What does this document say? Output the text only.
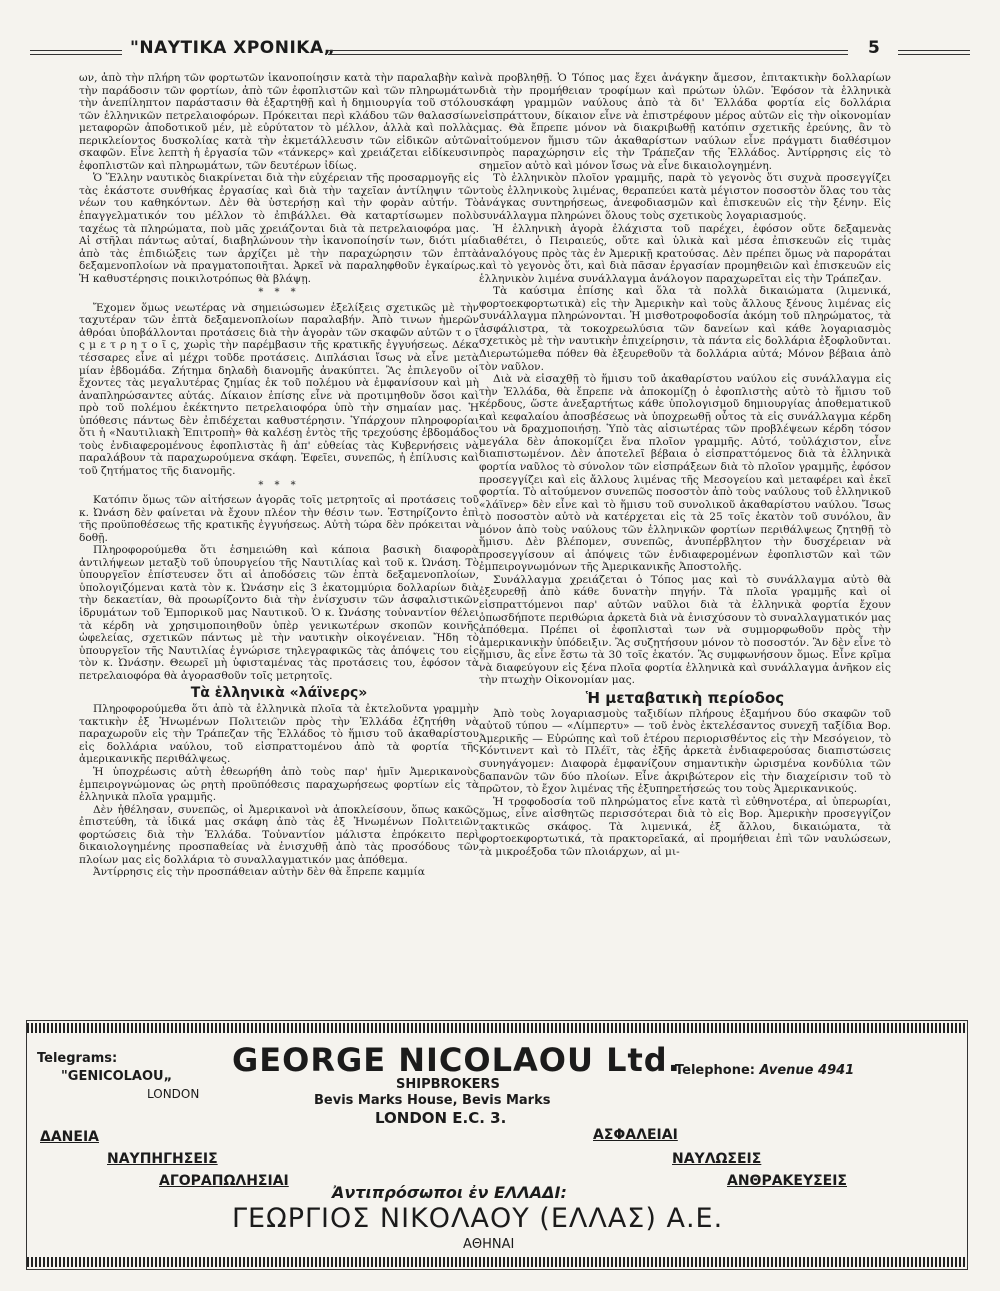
"ΝΑΥΤΙΚΑ ΧΡΟΝΙΚΑ„	5

ων, ἀπὸ τὴν πλήρη τῶν φορτωτῶν ἱκανοποίησιν κατὰ τὴν παραλαβὴν καὶ τὴν παράδοσιν τῶν φορτίων, ἀπὸ τῶν ἐφοπλιστῶν καὶ τῶν πληρωμάτων τὴν ἀνεπίληπτον παράστασιν θὰ ἐξαρτηθῇ καὶ ἡ δημιουργία τοῦ στόλου τῶν ἑλληνικῶν πετρελαιοφόρων. Πρόκειται περὶ κλάδου τῶν θαλασσίων μεταφορῶν ἀποδοτικοῦ μέν, μὲ εὐρύτατον τὸ μέλλον, ἀλλὰ καὶ πολλὰς περικλείοντος δυσκολίας κατὰ τὴν ἐκμετάλλευσιν τῶν εἰδικῶν αὐτῶν σκαφῶν. Εἶνε λεπτὴ ἡ ἐργασία τῶν «τάνκερς» καὶ χρειάζεται εἰδίκευσιν ἐφοπλιστῶν καὶ πληρωμάτων, τῶν δευτέρων ἰδίως.

Ὁ Ἕλλην ναυτικὸς διακρίνεται διὰ τὴν εὐχέρειαν τῆς προσαρμογῆς εἰς τὰς ἑκάστοτε συνθήκας ἐργασίας καὶ διὰ τὴν ταχεῖαν ἀντίληψιν τῶν νέων του καθηκόντων. Δὲν θὰ ὑστερήσῃ καὶ τὴν φορὰν αὐτήν. Τὸ ἐπαγγελματικόν του μέλλον τὸ ἐπιβάλλει. Θὰ καταρτίσωμεν πολὺ ταχέως τὰ πληρώματα, ποὺ μᾶς χρειάζονται διὰ τὰ πετρελαιοφόρα μας. Αἱ στῆλαι πάντως αὐταί, διαβηλώνουν τὴν ἱκανοποίησίν των, διότι μία ἀπὸ τὰς ἐπιδιώξεις των ἀρχίζει μὲ τὴν παραχώρησιν τῶν ἑπτὰ δεξαμενοπλοίων νὰ πραγματοποιῆται. Ἀρκεῖ νὰ παραληφθοῦν ἐγκαίρως. Ἡ καθυστέρησις ποικιλοτρόπως θὰ βλάψῃ.

* * *

Ἔχομεν ὅμως νεωτέρας νὰ σημειώσωμεν ἐξελίξεις σχετικῶς μὲ τὴν ταχυτέραν τῶν ἑπτὰ δεξαμενοπλοίων παραλαβήν. Ἀπὸ τινων ἡμερῶν ἀθρόαι ὑποβάλλονται προτάσεις διὰ τὴν ἀγορὰν τῶν σκαφῶν αὐτῶν τ ο ῖ ς μ ε τ ρ η τ ο ῖ ς, χωρὶς τὴν παρέμβασιν τῆς κρατικῆς ἐγγυήσεως. Δέκα τέσσαρες εἶνε αἱ μέχρι τοῦδε προτάσεις. Διπλάσιαι ἴσως νὰ εἶνε μετὰ μίαν ἑβδομάδα. Ζήτημα δηλαδὴ διανομῆς ἀνακύπτει. Ἂς ἐπιλεγοῦν οἱ ἔχοντες τὰς μεγαλυτέρας ζημίας ἐκ τοῦ πολέμου νὰ ἐμφανίσουν καὶ μὴ ἀναπληρώσαντες αὐτάς. Δίκαιον ἐπίσης εἶνε νὰ προτιμηθοῦν ὅσοι καὶ πρὸ τοῦ πολέμου ἐκέκτηντο πετρελαιοφόρα ὑπὸ τὴν σημαίαν μας. Ἡ ὑπόθεσις πάντως δὲν ἐπιδέχεται καθυστέρησιν. Ὑπάρχουν πληροφορίαι ὅτι ἡ «Ναυτιλιακὴ Ἐπιτροπὴ» θὰ καλέσῃ ἐντὸς τῆς τρεχούσης ἑβδομάδος τοὺς ἐνδιαφερομένους ἐφοπλιστὰς ἢ ἀπ' εὐθείας τὰς Κυβερνήσεις νὰ παραλάβουν τὰ παραχωρούμενα σκάφη. Ἐφεῖει, συνεπῶς, ἡ ἐπίλυσις καὶ τοῦ ζητήματος τῆς διανομῆς.

* * *

Κατόπιν ὅμως τῶν αἰτήσεων ἀγορᾶς τοῖς μετρητοῖς αἱ προτάσεις τοῦ κ. Ὠνάση δὲν φαίνεται νὰ ἔχουν πλέον τὴν θέσιν των. Ἐστηρίζοντο ἐπὶ τῆς προϋποθέσεως τῆς κρατικῆς ἐγγυήσεως. Αὐτὴ τώρα δὲν πρόκειται νὰ δοθῇ.

Πληροφορούμεθα ὅτι ἐσημειώθη καὶ κάποια βασικὴ διαφορὰ ἀντιλήψεων μεταξὺ τοῦ ὑπουργείου τῆς Ναυτιλίας καὶ τοῦ κ. Ὠνάση. Τὸ ὑπουργεῖον ἐπίστευσεν ὅτι αἱ ἀποδόσεις τῶν ἑπτὰ δεξαμενοπλοίων, ὑπολογιζόμεναι κατὰ τὸν κ. Ὠνάσην εἰς 3 ἑκατομμύρια δολλαρίων διὰ τὴν δεκαετίαν, θὰ προωρίζοντο διὰ τὴν ἐνίσχυσιν τῶν ἀσφαλιστικῶν ἱδρυμάτων τοῦ Ἐμπορικοῦ μας Ναυτικοῦ. Ὁ κ. Ὠνάσης τοὐναντίον θέλει τὰ κέρδη νὰ χρησιμοποιηθοῦν ὑπὲρ γενικωτέρων σκοπῶν κοινῆς ὠφελείας, σχετικῶν πάντως μὲ τὴν ναυτικὴν οἰκογένειαν. Ἤδη τὸ ὑπουργεῖον τῆς Ναυτιλίας ἐγνώρισε τηλεγραφικῶς τὰς ἀπόψεις του εἰς τὸν κ. Ὠνάσην. Θεωρεῖ μὴ ὑφισταμένας τὰς προτάσεις του, ἐφόσον τὰ πετρελαιοφόρα θὰ ἀγορασθοῦν τοῖς μετρητοῖς.

Τὰ ἑλληνικὰ «λάϊνερς»

Πληροφορούμεθα ὅτι ἀπὸ τὰ ἑλληνικὰ πλοῖα τὰ ἐκτελοῦντα γραμμὴν τακτικὴν ἐξ Ἡνωμένων Πολιτειῶν πρὸς τὴν Ἑλλάδα ἐζητήθη νὰ παραχωροῦν εἰς τὴν Τράπεζαν τῆς Ἑλλάδος τὸ ἥμισυ τοῦ ἀκαθαρίστου εἰς δολλάρια ναύλου, τοῦ εἰσπραττομένου ἀπὸ τὰ φορτία τῆς ἀμερικανικῆς περιθάλψεως.

Ἡ ὑποχρέωσις αὐτὴ ἐθεωρήθη ἀπὸ τοὺς παρ' ἡμῖν Ἀμερικανοὺς ἐμπειρογνώμονας ὡς ρητὴ προϋπόθεσις παραχωρήσεως φορτίων εἰς τὰ ἑλληνικὰ πλοῖα γραμμῆς.

Δὲν ἠθέλησαν, συνεπῶς, οἱ Ἀμερικανοὶ νὰ ἀποκλείσουν, ὅπως κακῶς ἐπιστεύθη, τὰ ἰδικά μας σκάφη ἀπὸ τὰς ἐξ Ἡνωμένων Πολιτειῶν φορτώσεις διὰ τὴν Ἑλλάδα. Τοὐναντίον μάλιστα ἐπρόκειτο περὶ δικαιολογημένης προσπαθείας νὰ ἐνισχυθῇ ἀπὸ τὰς προσόδους τῶν πλοίων μας εἰς δολλάρια τὸ συναλλαγματικόν μας ἀπόθεμα.

Ἀντίρρησις εἰς τὴν προσπάθειαν αὐτὴν δὲν θὰ ἔπρεπε καμμία

νὰ προβληθῇ. Ὁ Τόπος μας ἔχει ἀνάγκην ἄμεσον, ἐπιτακτικὴν δολλαρίων διὰ τὴν προμήθειαν τροφίμων καὶ πρώτων ὑλῶν. Ἐφόσον τὰ ἑλληνικὰ σκάφη γραμμῶν ναύλους ἀπὸ τὰ δι' Ἑλλάδα φορτία εἰς δολλάρια εἰσπράττουν, δίκαιον εἶνε νὰ ἐπιστρέφουν μέρος αὐτῶν εἰς τὴν οἰκονομίαν μας. Θὰ ἔπρεπε μόνον νὰ διακριβωθῇ κατόπιν σχετικῆς ἐρεύνης, ἂν τὸ αἰτούμενον ἥμισυ τῶν ἀκαθαρίστων ναύλων εἶνε πράγματι διαθέσιμον πρὸς παραχώρησιν εἰς τὴν Τράπεζαν τῆς Ἑλλάδος. Ἀντίρρησις εἰς τὸ σημεῖον αὐτὸ καὶ μόνον ἴσως νὰ εἶνε δικαιολογημένη.

Τὸ ἑλληνικὸν πλοῖον γραμμῆς, παρὰ τὸ γεγονὸς ὅτι συχνὰ προσεγγίζει τοὺς ἑλληνικοὺς λιμένας, θεραπεύει κατὰ μέγιστον ποσοστὸν ὅλας του τὰς ἀνάγκας συντηρήσεως, ἀνεφοδιασμῶν καὶ ἐπισκευῶν εἰς τὴν ξένην. Εἰς συνάλλαγμα πληρώνει ὅλους τοὺς σχετικοὺς λογαριασμούς.

Ἡ ἑλληνικὴ ἀγορὰ ἐλάχιστα τοῦ παρέχει, ἐφόσον οὔτε δεξαμενὰς διαθέτει, ὁ Πειραιεύς, οὔτε καὶ ὑλικὰ καὶ μέσα ἐπισκευῶν εἰς τιμὰς ἀναλόγους πρὸς τὰς ἐν Ἀμερικῇ κρατούσας. Δὲν πρέπει ὅμως νὰ παροράται καὶ τὸ γεγονὸς ὅτι, καὶ διὰ πᾶσαν ἐργασίαν προμηθειῶν καὶ ἐπισκευῶν εἰς ἑλληνικὸν λιμένα συνάλλαγμα ἀνάλογον παραχωρεῖται εἰς τὴν Τράπεζαν.

Τὰ καύσιμα ἐπίσης καὶ ὅλα τὰ πολλὰ δικαιώματα (λιμενικά, φορτοεκφορτωτικὰ) εἰς τὴν Ἀμερικὴν καὶ τοὺς ἄλλους ξένους λιμένας εἰς συνάλλαγμα πληρώνονται. Ἡ μισθοτροφοδοσία ἀκόμη τοῦ πληρώματος, τὰ ἀσφάλιστρα, τὰ τοκοχρεωλύσια τῶν δανείων καὶ κάθε λογαριασμὸς σχετικὸς μὲ τὴν ναυτικὴν ἐπιχείρησιν, τὰ πάντα εἰς δολλάρια ἐξοφλοῦνται. Διερωτώμεθα πόθεν θὰ ἐξευρεθοῦν τὰ δολλάρια αὐτά; Μόνον βέβαια ἀπὸ τὸν ναῦλον.

Διὰ νὰ εἰσαχθῇ τὸ ἥμισυ τοῦ ἀκαθαρίστου ναύλου εἰς συνάλλαγμα εἰς τὴν Ἑλλάδα, θὰ ἔπρεπε νὰ ἀποκομίζῃ ὁ ἐφοπλιστὴς αὐτὸ τὸ ἥμισυ τοῦ κέρδους, ὥστε ἀνεξαρτήτως κάθε ὑπολογισμοῦ δημιουργίας ἀποθεματικοῦ καὶ κεφαλαίου ἀποσβέσεως νὰ ὑποχρεωθῇ οὗτος τὰ εἰς συνάλλαγμα κέρδη του νὰ δραχμοποιήσῃ. Ὑπὸ τὰς αἰσιωτέρας τῶν προβλέψεων κέρδη τόσον μεγάλα δὲν ἀποκομίζει ἕνα πλοῖον γραμμῆς. Αὐτό, τοὐλάχιστον, εἶνε διαπιστωμένον. Δὲν ἀποτελεῖ βέβαια ὁ εἰσπραττόμενος διὰ τὰ ἑλληνικὰ φορτία ναῦλος τὸ σύνολον τῶν εἰσπράξεων διὰ τὸ πλοῖον γραμμῆς, ἐφόσον προσεγγίζει καὶ εἰς ἄλλους λιμένας τῆς Μεσογείου καὶ μεταφέρει καὶ ἐκεῖ φορτία. Τὸ αἰτούμενον συνεπῶς ποσοστὸν ἀπὸ τοὺς ναύλους τοῦ ἑλληνικοῦ «λάϊνερ» δὲν εἶνε καὶ τὸ ἥμισυ τοῦ συνολικοῦ ἀκαθαρίστου ναύλου. Ἴσως τὸ ποσοστὸν αὐτὸ νὰ κατέρχεται εἰς τὰ 25 τοῖς ἑκατὸν τοῦ συνόλου, ἂν μόνον ἀπὸ τοὺς ναύλους τῶν ἑλληνικῶν φορτίων περιθάλψεως ζητηθῇ τὸ ἥμισυ. Δὲν βλέπομεν, συνεπῶς, ἀνυπέρβλητον τὴν δυσχέρειαν νὰ προσεγγίσουν αἱ ἀπόψεις τῶν ἐνδιαφερομένων ἐφοπλιστῶν καὶ τῶν ἐμπειρογνωμόνων τῆς Ἀμερικανικῆς Ἀποστολῆς.

Συνάλλαγμα χρειάζεται ὁ Τόπος μας καὶ τὸ συνάλλαγμα αὐτὸ θὰ ἐξευρεθῇ ἀπὸ κάθε δυνατὴν πηγήν. Τὰ πλοῖα γραμμῆς καὶ οἱ εἰσπραττόμενοι παρ' αὐτῶν ναῦλοι διὰ τὰ ἑλληνικὰ φορτία ἔχουν ὁπωσδήποτε περιθώρια ἀρκετὰ διὰ νὰ ἐνισχύσουν τὸ συναλλαγματικόν μας ἀπόθεμα. Πρέπει οἱ ἐφοπλισταὶ των νὰ συμμορφωθοῦν πρὸς τὴν ἀμερικανικὴν ὑπόδειξιν. Ἂς συζητήσουν μόνον τὸ ποσοστόν. Ἂν δὲν εἶνε τὸ ἥμισυ, ἂς εἶνε ἔστω τὰ 30 τοῖς ἑκατόν. Ἂς συμφωνήσουν ὅμως. Εἶνε κρῖμα νὰ διαφεύγουν εἰς ξένα πλοῖα φορτία ἑλληνικὰ καὶ συνάλλαγμα ἀνῆκον εἰς τὴν πτωχὴν Οἰκονομίαν μας.

Ἡ μεταβατικὴ περίοδος

Ἀπὸ τοὺς λογαριασμοὺς ταξιδίων πλήρους ἑξαμήνου δύο σκαφῶν τοῦ αὐτοῦ τύπου — «Λίμπερτυ» — τοῦ ἑνὸς ἐκτελέσαντος συνεχῆ ταξίδια Βορ. Ἀμερικῆς — Εὐρώπης καὶ τοῦ ἑτέρου περιορισθέντος εἰς τὴν Μεσόγειον, τὸ Κόντινεντ καὶ τὸ Πλέϊτ, τὰς ἐξῆς ἀρκετὰ ἐνδιαφερούσας διαπιστώσεις συνηγάγομεν: Διαφορὰ ἐμφανίζουν σημαντικὴν ὡρισμένα κονδύλια τῶν δαπανῶν τῶν δύο πλοίων. Εἶνε ἀκριβώτερον εἰς τὴν διαχείρισιν τοῦ τὸ πρῶτον, τὸ ἔχον λιμένας τῆς ἐξυπηρετήσεώς του τοὺς Ἀμερικανικούς.

Ἡ τροφοδοσία τοῦ πληρώματος εἶνε κατὰ τὶ εὐθηνοτέρα, αἱ ὑπερωρίαι, ὅμως, εἶνε αἰσθητῶς περισσότεραι διὰ τὸ εἰς Βορ. Ἀμερικὴν προσεγγίζον τακτικῶς σκάφος. Τὰ λιμενικά, ἐξ ἄλλου, δικαιώματα, τὰ φορτοεκφορτωτικά, τὰ πρακτορεῖακά, αἱ προμήθειαι ἐπὶ τῶν ναυλώσεων, τὰ μικροέξοδα τῶν πλοιάρχων, αἱ μι-

GEORGE NICOLAOU Ltd.
Telegrams:
"GENICOLAOU„
LONDON
Telephone: Avenue 4941
SHIPBROKERS
Bevis Marks House, Bevis Marks
LONDON E.C. 3.
ΔΑΝΕΙΑ
ΝΑΥΠΗΓΗΣΕΙΣ
ΑΓΟΡΑΠΩΛΗΣΙΑΙ
ΑΣΦΑΛΕΙΑΙ
ΝΑΥΛΩΣΕΙΣ
ΑΝΘΡΑΚΕΥΣΕΙΣ
Ἀντιπρόσωποι ἐν ΕΛΛΑΔΙ:
ΓΕΩΡΓΙΟΣ ΝΙΚΟΛΑΟΥ (ΕΛΛΑΣ) Α.Ε.
ΑΘΗΝΑΙ
